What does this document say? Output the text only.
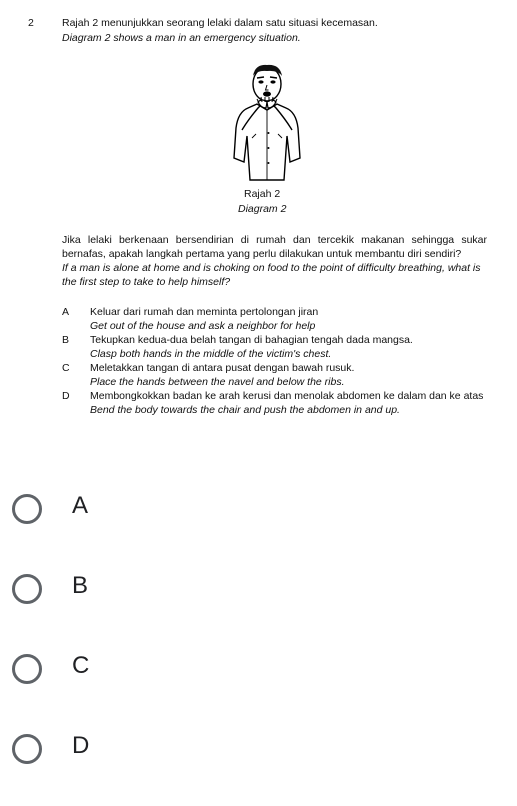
2	Rajah 2 menunjukkan seorang lelaki dalam satu situasi kecemasan.
Diagram 2 shows a man in an emergency situation.
Rajah 2
Diagram 2
Jika lelaki berkenaan bersendirian di rumah dan tercekik makanan sehingga sukar bernafas, apakah langkah pertama yang perlu dilakukan untuk membantu diri sendiri?
If a man is alone at home and is choking on food to the point of difficulty breathing, what is the first step to take to help himself?
A	Keluar dari rumah dan meminta pertolongan jiran
Get out of the house and ask a neighbor for help
B	Tekupkan kedua-dua belah tangan di bahagian tengah dada mangsa.
Clasp both hands in the middle of the victim's chest.
C	Meletakkan tangan di antara pusat dengan bawah rusuk.
Place the hands between the navel and below the ribs.
D	Membongkokkan badan ke arah kerusi dan menolak abdomen ke dalam dan ke atas
Bend the body towards the chair and push the abdomen in and up.
A
B
C
D
